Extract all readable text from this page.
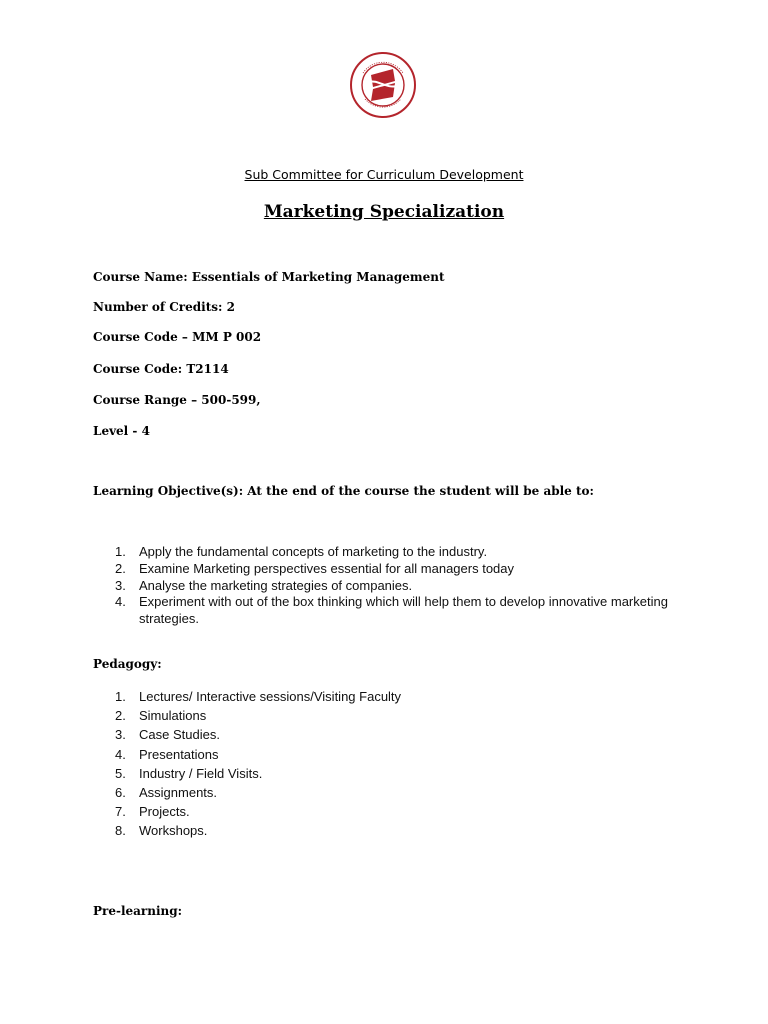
Sub Committee for Curriculum Development
Marketing Specialization
Course Name: Essentials of Marketing Management
Number of Credits: 2
Course Code – MM P 002
Course Code: T2114
Course Range – 500-599,
Level - 4
Learning Objective(s): At the end of the course the student will be able to:
1. Apply the fundamental concepts of marketing to the industry.
2. Examine Marketing perspectives essential for all managers today
3. Analyse the marketing strategies of companies.
4. Experiment with out of the box thinking which will help them to develop innovative marketing strategies.
Pedagogy:
1. Lectures/ Interactive sessions/Visiting Faculty
2. Simulations
3. Case Studies.
4. Presentations
5. Industry / Field Visits.
6. Assignments.
7. Projects.
8. Workshops.
Pre-learning:
